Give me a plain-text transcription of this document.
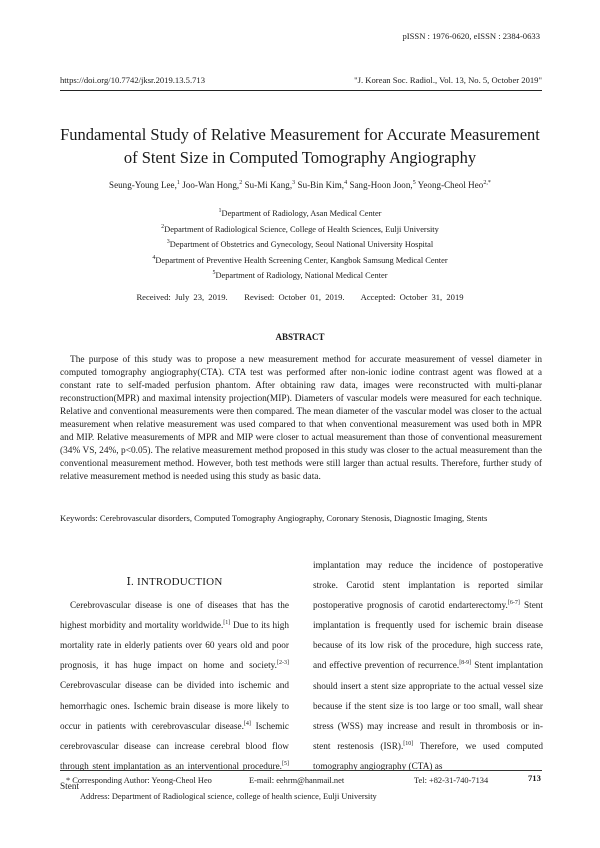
pISSN : 1976-0620, eISSN : 2384-0633
https://doi.org/10.7742/jksr.2019.13.5.713	"J. Korean Soc. Radiol., Vol. 13, No. 5, October 2019"
Fundamental Study of Relative Measurement for Accurate Measurement
of Stent Size in Computed Tomography Angiography
Seung-Young Lee,$^1$ Joo-Wan Hong,$^2$ Su-Mi Kang,$^3$ Su-Bin Kim,$^4$ Sang-Hoon Joon,$^5$ Yeong-Cheol Heo$^{2,*}$
$^1$Department of Radiology, Asan Medical Center
$^2$Department of Radiological Science, College of Health Sciences, Eulji University
$^3$Department of Obstetrics and Gynecology, Seoul National University Hospital
$^4$Department of Preventive Health Screening Center, Kangbok Samsung Medical Center
$^5$Department of Radiology, National Medical Center
Received: July 23, 2019. Revised: October 01, 2019. Accepted: October 31, 2019
ABSTRACT

The purpose of this study was to propose a new measurement method for accurate measurement of vessel diameter in computed tomography angiography(CTA). CTA test was performed after non-ionic iodine contrast agent was flowed at a constant rate to self-maded perfusion phantom. After obtaining raw data, images were reconstructed with multi-planar reconstruction(MPR) and maximal intensity projection(MIP). Diameters of vascular models were measured for each technique. Relative and conventional measurements were then compared. The mean diameter of the vascular model was closer to the actual measurement when relative measurement was used compared to that when conventional measurement was used both in MPR and MIP. Relative measurements of MPR and MIP were closer to actual measurement than those of conventional measurement (34% VS, 24%, p<0.05). The relative measurement method proposed in this study was closer to the actual measurement than the conventional measurement method. However, both test methods were still larger than actual results. Therefore, further study of relative measurement method is needed using this study as basic data.

Keywords: Cerebrovascular disorders, Computed Tomography Angiography, Coronary Stenosis, Diagnostic Imaging, Stents

Ⅰ. INTRODUCTION

Cerebrovascular disease is one of diseases that has the highest morbidity and mortality worldwide.[1] Due to its high mortality rate in elderly patients over 60 years old and poor prognosis, it has huge impact on home and society.[2-3] Cerebrovascular disease can be divided into ischemic and hemorrhagic ones. Ischemic brain disease is more likely to occur in patients with cerebrovascular disease.[4] Ischemic cerebrovascular disease can increase cerebral blood flow through stent implantation as an interventional procedure.[5] Stent

implantation may reduce the incidence of postoperative stroke. Carotid stent implantation is reported similar postoperative prognosis of carotid endarterectomy.[6-7] Stent implantation is frequently used for ischemic brain disease because of its low risk of the procedure, high success rate, and effective prevention of recurrence.[8-9] Stent implantation should insert a stent size appropriate to the actual vessel size because if the stent size is too large or too small, wall shear stress (WSS) may increase and result in thrombosis or in-stent restenosis (ISR).[10] Therefore, we used computed tomography angiography (CTA) as

713
* Corresponding Author: Yeong-Cheol Heo	E-mail: eehrm@hanmail.net	Tel: +82-31-740-7134
Address: Department of Radiological science, college of health science, Eulji University
